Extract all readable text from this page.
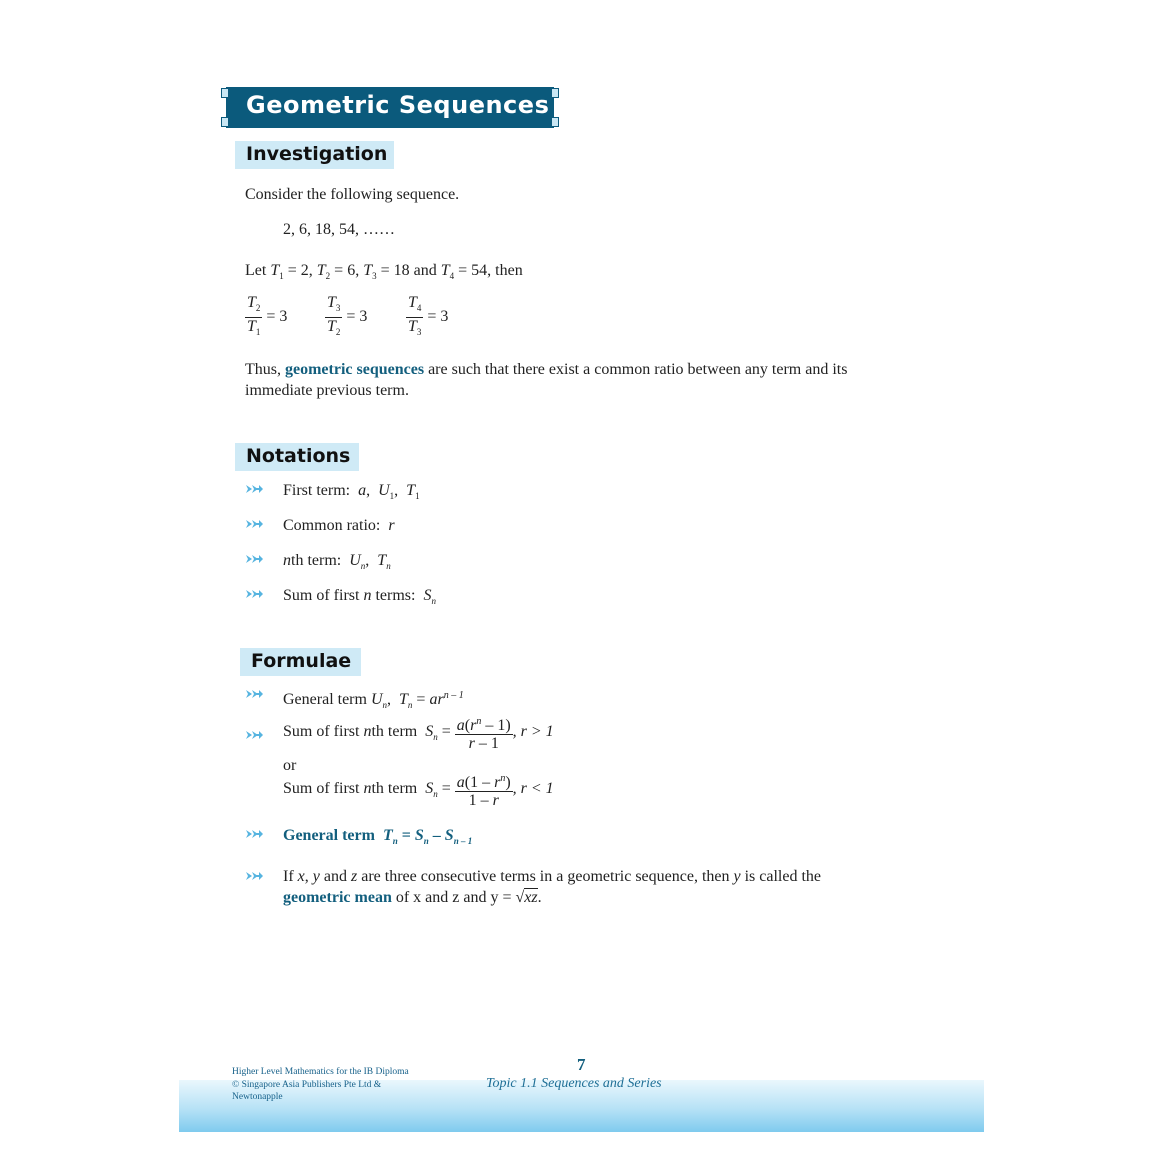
Geometric Sequences
Investigation
Consider the following sequence.
2, 6, 18, 54, ……
Let $T_1 = 2$, $T_2 = 6$, $T_3 = 18$ and $T_4 = 54$, then
$\frac{T_2}{T_1} = 3 \frac{T_3}{T_2} = 3 \frac{T_4}{T_3} = 3$
Thus, geometric sequences are such that there exist a common ratio between any term and its
immediate previous term.
Notations
First term: a,  $U_1$,  $T_1$
Common ratio: r
nth term: $U_n$,  $T_n$
Sum of first n terms: $S_n$
Formulae
General term $U_n$,  $T_n = ar^{n - 1}$
Sum of first nth term $S_n = \frac{a(r^n - 1)}{r - 1}$ , r > 1
or
Sum of first nth term $S_n = \frac{a(1 - r^n)}{1 - r}$ , r < 1
General term $T_n = S_n - S_{n - 1}$
If x, y and z are three consecutive terms in a geometric sequence, then y is called the
geometric mean of x and z and y = √xz.
Higher Level Mathematics for the IB Diploma
© Singapore Asia Publishers Pte Ltd &
Newtonapple
7
Topic 1.1 Sequences and Series
